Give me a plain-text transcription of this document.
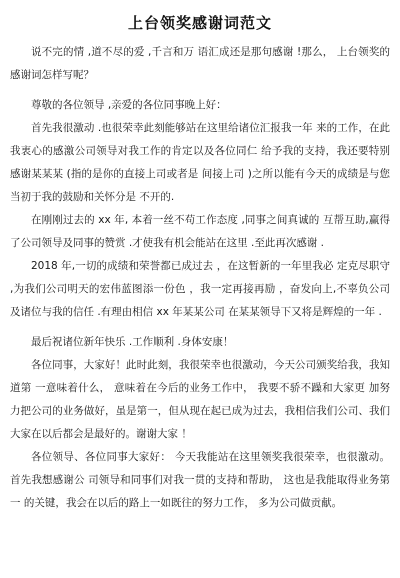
上台领奖感谢词范文

说不完的情 ,道不尽的爱 ,千言和万 语汇成还是那句感谢 !那么， 上台领奖的感谢词怎样写呢？

尊敬的各位领导 ,亲爱的各位同事晚上好：

首先我很激动 .也很荣幸此刻能够站在这里给诸位汇报我一年 来的工作，在此我衷心的感激公司领导对我工作的肯定以及各位同仁 给予我的支持，我还要特别感谢某某某 (指的是你的直接上司或者是 间接上司 )之所以能有今天的成绩是与您当初于我的鼓励和关怀分是 不开的.

在刚刚过去的 xx 年, 本着一丝不苟工作态度 ,同事之间真诚的 互帮互助,赢得了公司领导及同事的赞赏 .才使我有机会能站在这里 .至此再次感谢 .

2018 年,一切的成绩和荣誉都已成过去 ，在这暂新的一年里我必 定克尽职守 ,为我们公司明天的宏伟蓝图添一份色 ，我一定再接再励 ，奋发向上,不辜负公司及诸位与我的信任 .有理由相信 xx 年某某公司 在某某领导下又将是辉煌的一年 .

最后祝诸位新年快乐 .工作顺利 .身体安康！

各位同事，大家好！此时此刻，我很荣幸也很激动，今天公司颁奖给我，我知道第 一意味着什么， 意味着在今后的业务工作中， 我要不骄不躁和大家更 加努力把公司的业务做好，虽是第一，但从现在起已成为过去，我相信我们公司、我们大家在以后都会是最好的。谢谢大家 ！

各位领导、各位同事大家好： 今天我能站在这里领奖我很荣幸，也很激动。首先我想感谢公 司领导和同事们对我一贯的支持和帮助， 这也是我能取得业务第一 的关键，我会在以后的路上一如既往的努力工作， 多为公司做贡献。
